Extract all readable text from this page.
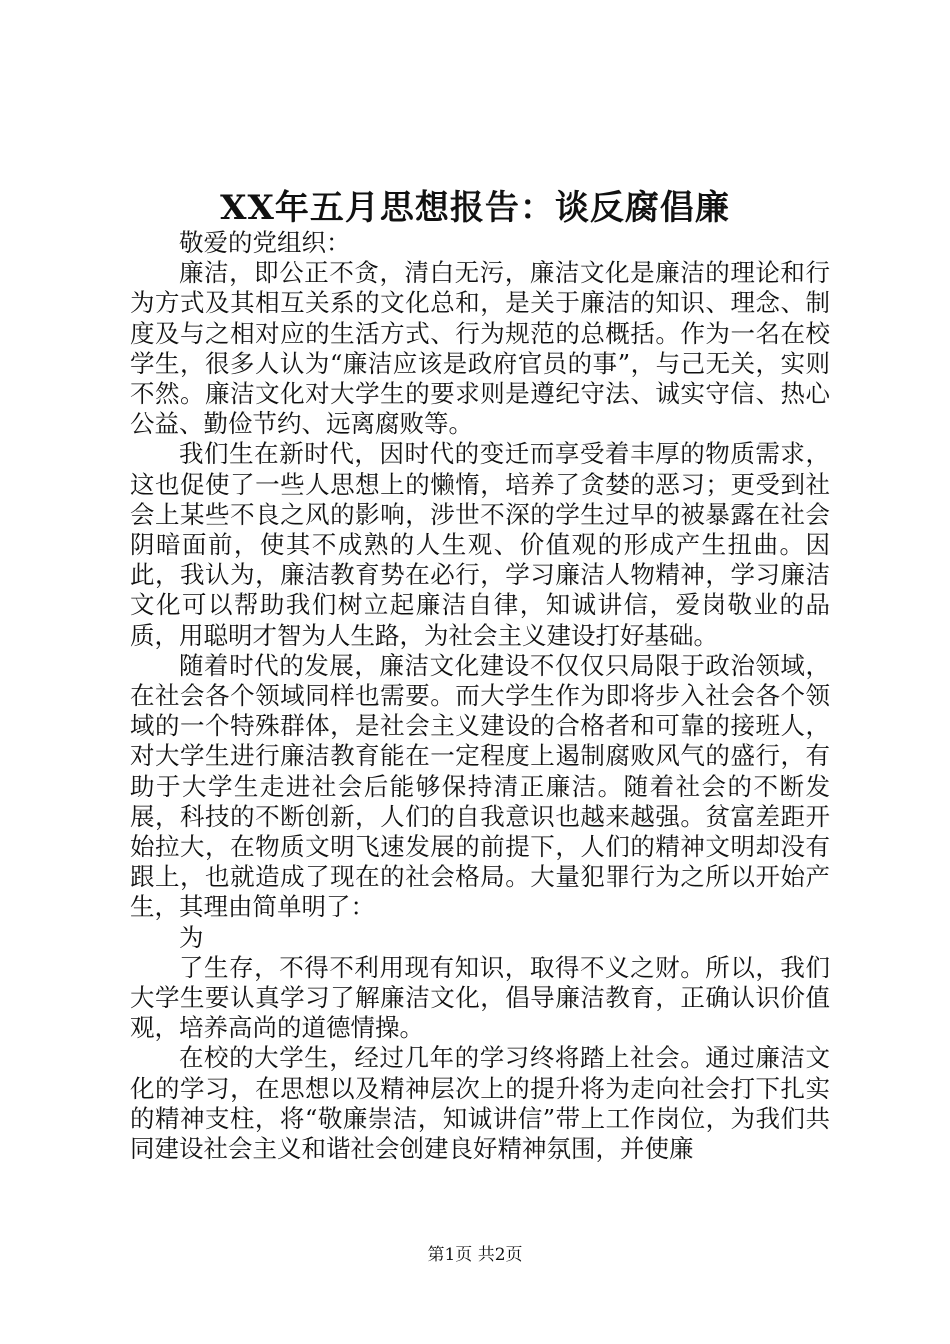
XX年五月思想报告：谈反腐倡廉

敬爱的党组织：

廉洁，即公正不贪，清白无污，廉洁文化是廉洁的理论和行为方式及其相互关系的文化总和，是关于廉洁的知识、理念、制度及与之相对应的生活方式、行为规范的总概括。作为一名在校学生，很多人认为“廉洁应该是政府官员的事”，与己无关，实则不然。廉洁文化对大学生的要求则是遵纪守法、诚实守信、热心公益、勤俭节约、远离腐败等。

我们生在新时代，因时代的变迁而享受着丰厚的物质需求，这也促使了一些人思想上的懒惰，培养了贪婪的恶习；更受到社会上某些不良之风的影响，涉世不深的学生过早的被暴露在社会阴暗面前，使其不成熟的人生观、价值观的形成产生扭曲。因此，我认为，廉洁教育势在必行，学习廉洁人物精神，学习廉洁文化可以帮助我们树立起廉洁自律，知诚讲信，爱岗敬业的品质，用聪明才智为人生路，为社会主义建设打好基础。

随着时代的发展，廉洁文化建设不仅仅只局限于政治领域，在社会各个领域同样也需要。而大学生作为即将步入社会各个领域的一个特殊群体，是社会主义建设的合格者和可靠的接班人，对大学生进行廉洁教育能在一定程度上遏制腐败风气的盛行，有助于大学生走进社会后能够保持清正廉洁。随着社会的不断发展，科技的不断创新，人们的自我意识也越来越强。贫富差距开始拉大，在物质文明飞速发展的前提下，人们的精神文明却没有跟上，也就造成了现在的社会格局。大量犯罪行为之所以开始产生，其理由简单明了：

为

了生存，不得不利用现有知识，取得不义之财。所以，我们大学生要认真学习了解廉洁文化，倡导廉洁教育，正确认识价值观，培养高尚的道德情操。

在校的大学生，经过几年的学习终将踏上社会。通过廉洁文化的学习，在思想以及精神层次上的提升将为走向社会打下扎实的精神支柱，将“敬廉崇洁，知诚讲信”带上工作岗位，为我们共同建设社会主义和谐社会创建良好精神氛围，并使廉

第1页 共2页
